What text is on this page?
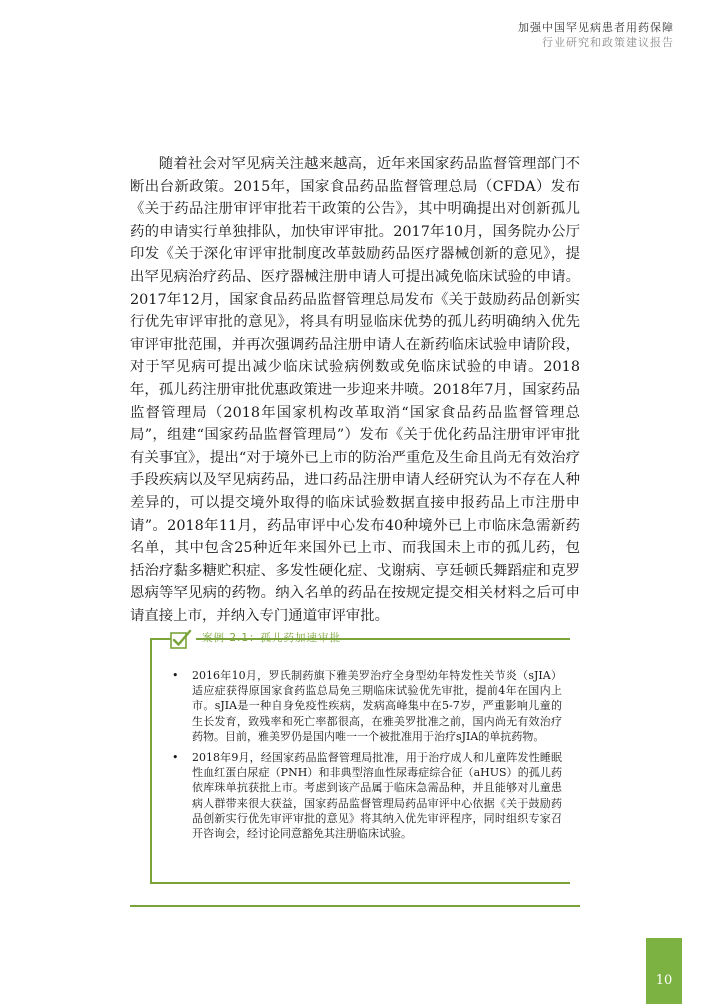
加强中国罕见病患者用药保障
行业研究和政策建议报告

随着社会对罕见病关注越来越高，近年来国家药品监督管理部门不断出台新政策。2015年，国家食品药品监督管理总局（CFDA）发布《关于药品注册审评审批若干政策的公告》，其中明确提出对创新孤儿药的申请实行单独排队，加快审评审批。2017年10月，国务院办公厅印发《关于深化审评审批制度改革鼓励药品医疗器械创新的意见》，提出罕见病治疗药品、医疗器械注册申请人可提出减免临床试验的申请。2017年12月，国家食品药品监督管理总局发布《关于鼓励药品创新实行优先审评审批的意见》，将具有明显临床优势的孤儿药明确纳入优先审评审批范围，并再次强调药品注册申请人在新药临床试验申请阶段，对于罕见病可提出减少临床试验病例数或免临床试验的申请。2018年，孤儿药注册审批优惠政策进一步迎来井喷。2018年7月，国家药品监督管理局（2018年国家机构改革取消“国家食品药品监督管理总局”，组建“国家药品监督管理局”）发布《关于优化药品注册审评审批有关事宜》，提出“对于境外已上市的防治严重危及生命且尚无有效治疗手段疾病以及罕见病药品，进口药品注册申请人经研究认为不存在人种差异的，可以提交境外取得的临床试验数据直接申报药品上市注册申请”。2018年11月，药品审评中心发布40种境外已上市临床急需新药名单，其中包含25种近年来国外已上市、而我国未上市的孤儿药，包括治疗黏多糖贮积症、多发性硬化症、戈谢病、亨廷顿氏舞蹈症和克罗恩病等罕见病的药物。纳入名单的药品在按规定提交相关材料之后可申请直接上市，并纳入专门通道审评审批。

案例 2.1：孤儿药加速审批
• 2016年10月，罗氏制药旗下雅美罗治疗全身型幼年特发性关节炎（sJIA）适应症获得原国家食药监总局免三期临床试验优先审批，提前4年在国内上市。sJIA是一种自身免疫性疾病，发病高峰集中在5-7岁，严重影响儿童的生长发育，致残率和死亡率都很高，在雅美罗批准之前，国内尚无有效治疗药物。目前，雅美罗仍是国内唯一一个被批准用于治疗sJIA的单抗药物。
• 2018年9月，经国家药品监督管理局批准，用于治疗成人和儿童阵发性睡眠性血红蛋白尿症（PNH）和非典型溶血性尿毒症综合征（aHUS）的孤儿药依库珠单抗获批上市。考虑到该产品属于临床急需品种，并且能够对儿童患病人群带来很大获益，国家药品监督管理局药品审评中心依据《关于鼓励药品创新实行优先审评审批的意见》将其纳入优先审评程序，同时组织专家召开咨询会，经讨论同意豁免其注册临床试验。
10
